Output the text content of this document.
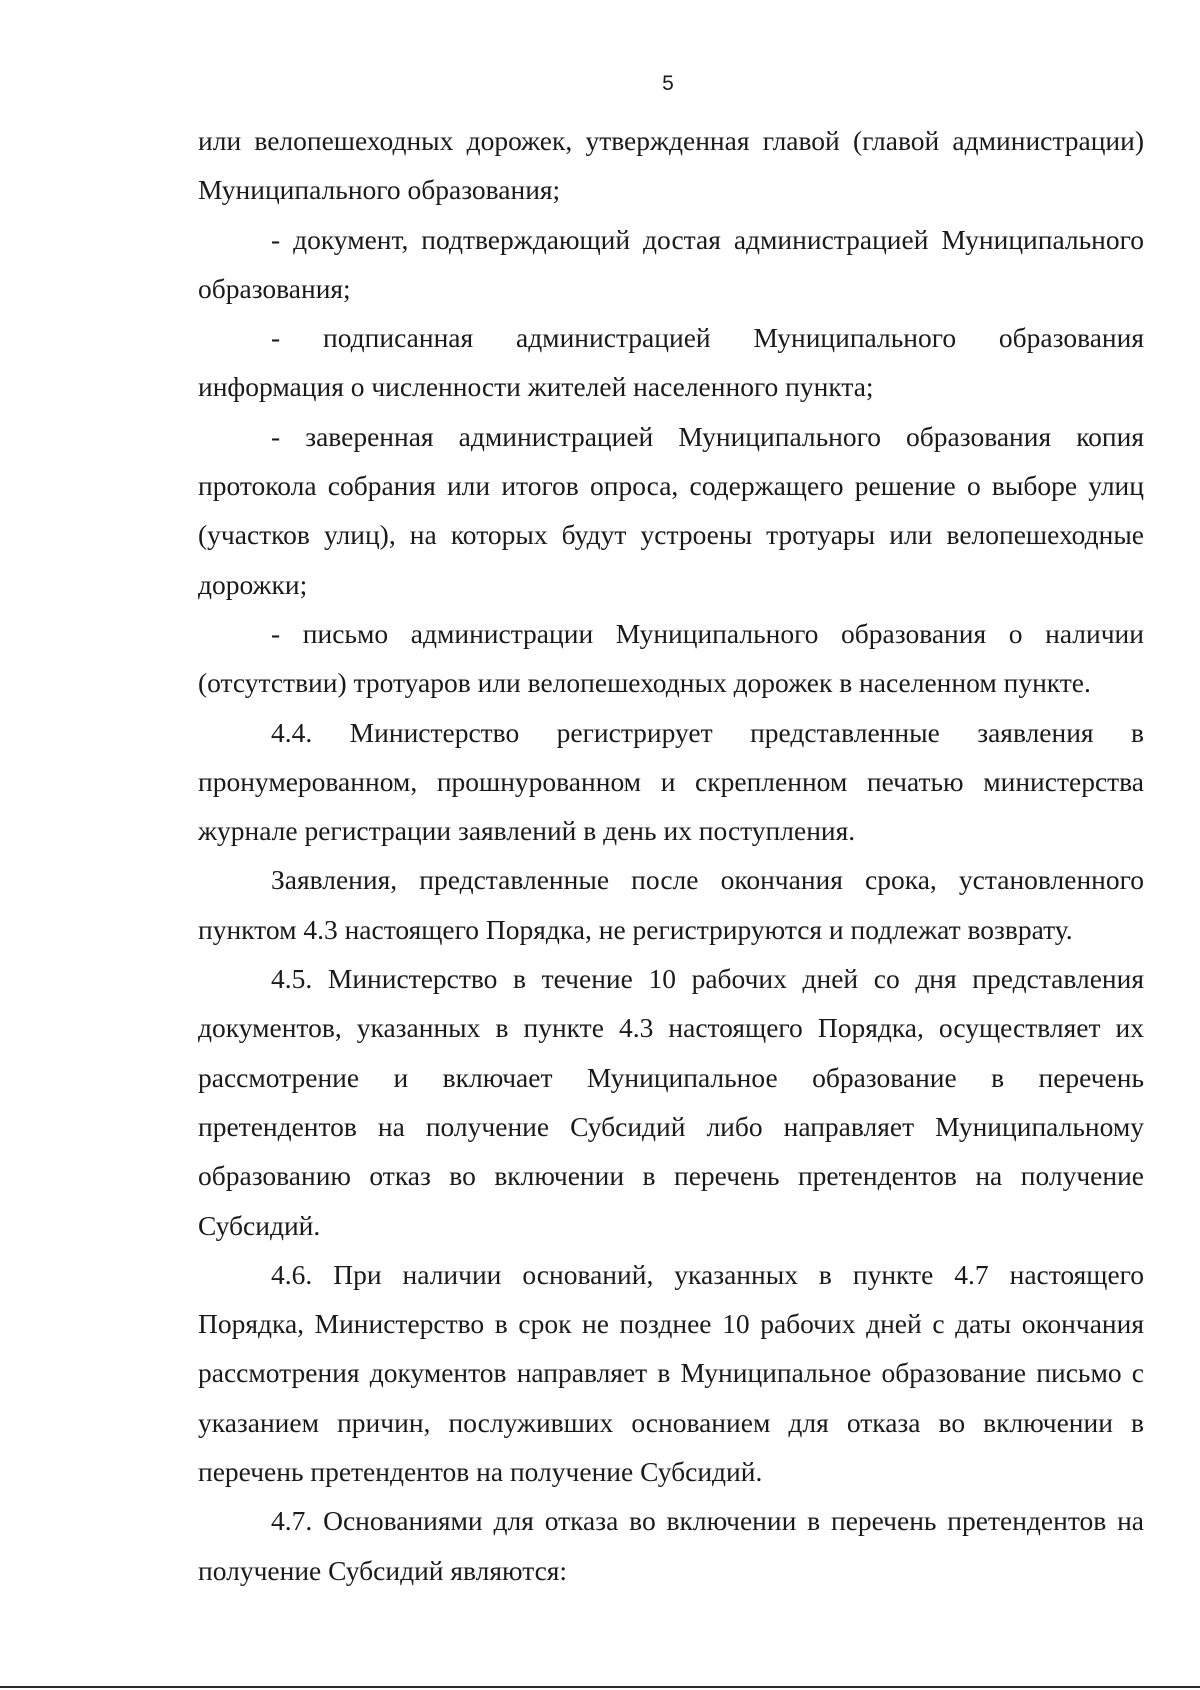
5

или велопешеходных дорожек, утвержденная главой (главой администрации) Муниципального образования;

- документ, подтверждающий достая администрацией Муниципального образования;

- подписанная администрацией Муниципального образования информация о численности жителей населенного пункта;

- заверенная администрацией Муниципального образования копия протокола собрания или итогов опроса, содержащего решение о выборе улиц (участков улиц), на которых будут устроены тротуары или велопешеходные дорожки;

- письмо администрации Муниципального образования о наличии (отсутствии) тротуаров или велопешеходных дорожек в населенном пункте.

4.4. Министерство регистрирует представленные заявления в пронумерованном, прошнурованном и скрепленном печатью министерства журнале регистрации заявлений в день их поступления.

Заявления, представленные после окончания срока, установленного пунктом 4.3 настоящего Порядка, не регистрируются и подлежат возврату.

4.5. Министерство в течение 10 рабочих дней со дня представления документов, указанных в пункте 4.3 настоящего Порядка, осуществляет их рассмотрение и включает Муниципальное образование в перечень претендентов на получение Субсидий либо направляет Муниципальному образованию отказ во включении в перечень претендентов на получение Субсидий.

4.6. При наличии оснований, указанных в пункте 4.7 настоящего Порядка, Министерство в срок не позднее 10 рабочих дней с даты окончания рассмотрения документов направляет в Муниципальное образование письмо с указанием причин, послуживших основанием для отказа во включении в перечень претендентов на получение Субсидий.

4.7. Основаниями для отказа во включении в перечень претендентов на получение Субсидий являются:
